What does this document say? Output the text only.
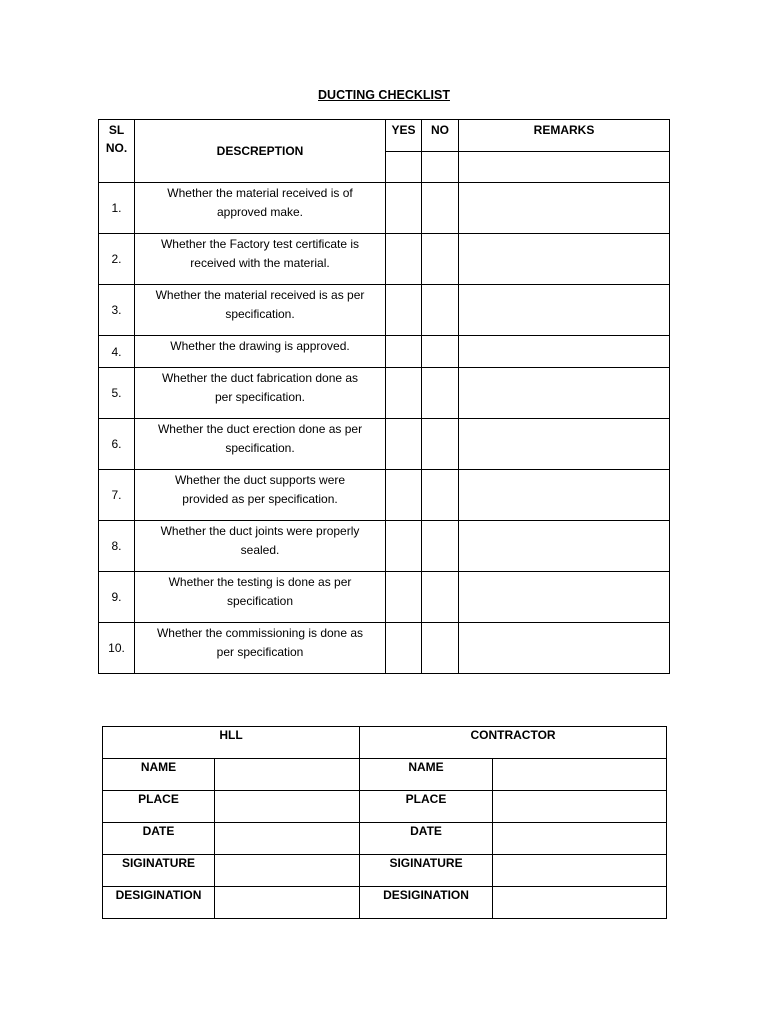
DUCTING CHECKLIST
SL
NO.	DESCREPTION	YES	NO	REMARKS

1.	Whether the material received is of
approved make.			

2.	Whether the Factory test certificate is
received with the material.			

3.	Whether the material received is as per
specification.			

4.	Whether the drawing is approved.			

5.	Whether the duct fabrication done as
per specification.			

6.	Whether the duct erection done as per
specification.			

7.	Whether the duct supports were
provided as per specification.			

8.	Whether the duct joints were properly
sealed.			

9.	Whether the testing is done as per
specification			

10.	Whether the commissioning is done as
per specification			

HLL		CONTRACTOR	
NAME		NAME	
PLACE		PLACE	
DATE		DATE	
SIGINATURE		SIGINATURE	
DESIGINATION		DESIGINATION	
